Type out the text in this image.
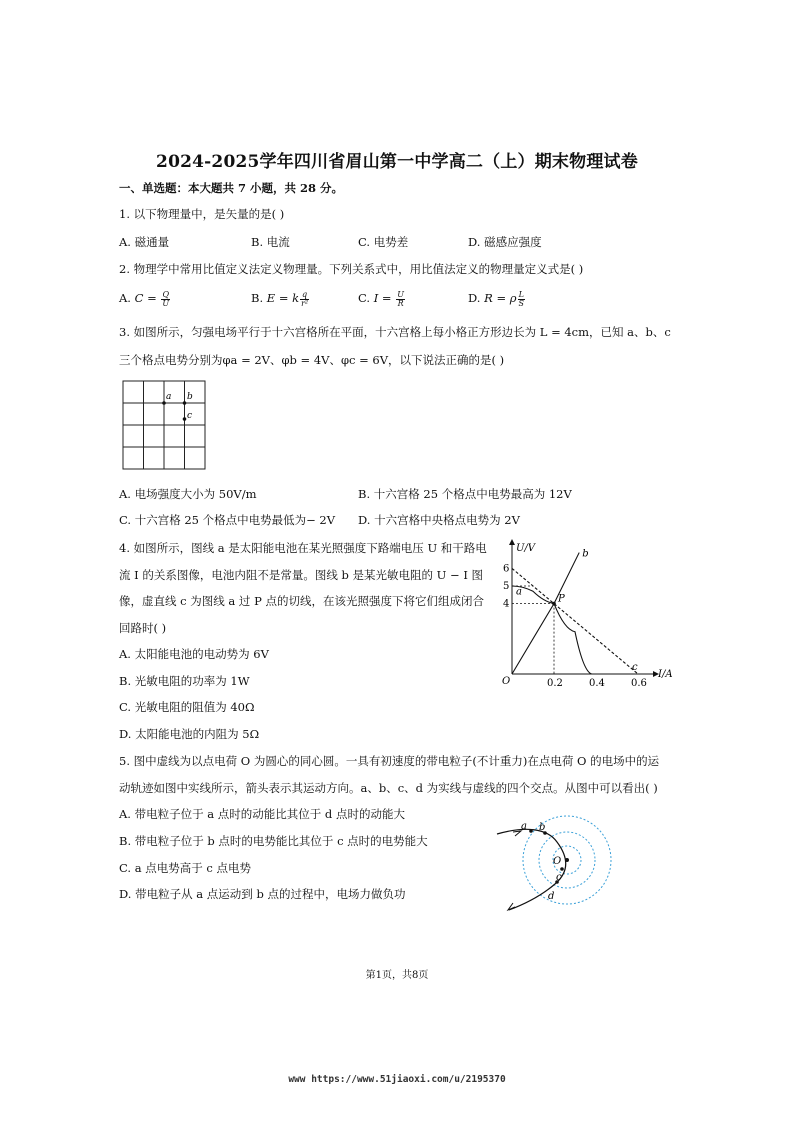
2024-2025学年四川省眉山第一中学高二（上）期末物理试卷
一、单选题：本大题共 7 小题，共 28 分。
1. 以下物理量中，是矢量的是( )
A. 磁通量	B. 电流	C. 电势差	D. 磁感应强度
2. 物理学中常用比值定义法定义物理量。下列关系式中，用比值法定义的物理量定义式是( )
A. $C = \frac{Q}{U}$	B. E = k $\frac{q}{\text{r²}}$	C. $I = \frac{U}{R}$	D. R = ρ $\frac{L}{S}$
3. 如图所示，匀强电场平行于十六宫格所在平面，十六宫格上每小格正方形边长为 L = 4cm，已知 a、b、c
三个格点电势分别为φa = 2V、φb = 4V、φc = 6V，以下说法正确的是( )
a b
c
A. 电场强度大小为 50V/m	B. 十六宫格 25 个格点中电势最高为 12V
C. 十六宫格 25 个格点中电势最低为− 2V D. 十六宫格中央格点电势为 2V
4. 如图所示，图线 a 是太阳能电池在某光照强度下路端电压 U 和干路电
流 I 的关系图像，电池内阻不是常量。图线 b 是某光敏电阻的 U − I 图
像，虚直线 c 为图线 a 过 P 点的切线，在该光照强度下将它们组成闭合
回路时( )
A. 太阳能电池的电动势为 6V
B. 光敏电阻的功率为 1W
C. 光敏电阻的阻值为 40Ω
D. 太阳能电池的内阻为 5Ω
I/A
U/V
O	0.2	0.4	0.6
4
5
6
a
b
c
P
5. 图中虚线为以点电荷 O 为圆心的同心圆。一具有初速度的带电粒子(不计重力)在点电荷 O 的电场中的运
动轨迹如图中实线所示，箭头表示其运动方向。a、b、c、d 为实线与虚线的四个交点。从图中可以看出( )
A. 带电粒子位于 a 点时的动能比其位于 d 点时的动能大
B. 带电粒子位于 b 点时的电势能比其位于 c 点时的电势能大
C. a 点电势高于 c 点电势
D. 带电粒子从 a 点运动到 b 点的过程中，电场力做负功
O
a b
c
d
第1页，共8页
www https://www.51jiaoxi.com/u/2195370
